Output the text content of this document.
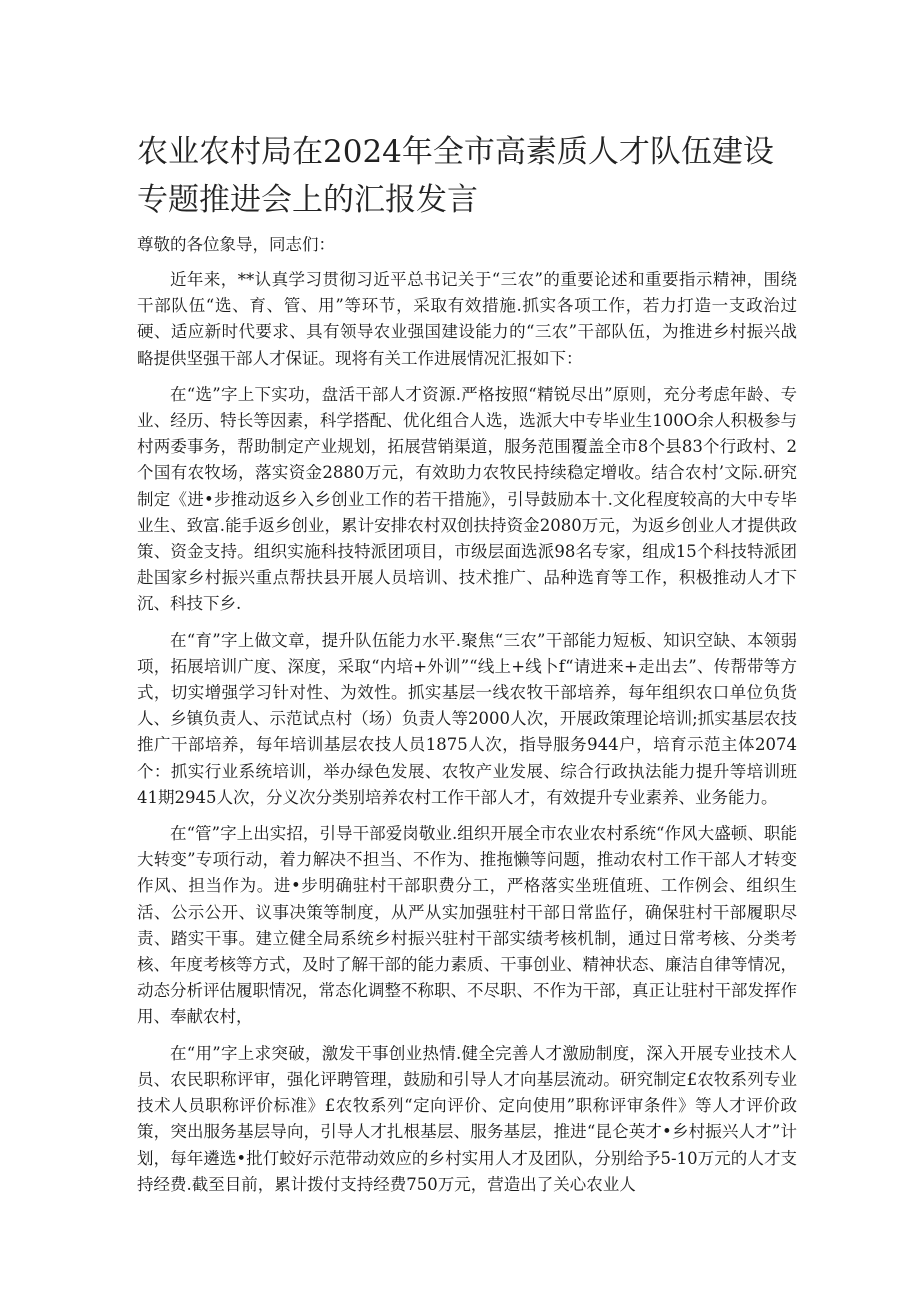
农业农村局在2024年全市高素质人才队伍建设专题推进会上的汇报发言

尊敬的各位象导，同志们：

近年来，**认真学习贯彻习近平总书记关于“三农”的重要论述和重要指示精神，围绕干部队伍“选、育、管、用”等环节，采取有效措施.抓实各项工作，若力打造一支政治过硬、适应新时代要求、具有领导农业强国建设能力的“三农”干部队伍，为推进乡村振兴战略提供坚强干部人才保证。现将有关工作进展情况汇报如下：

在“选”字上下实功，盘活干部人才资源.严格按照“精锐尽出”原则，充分考虑年龄、专业、经历、特长等因素，科学搭配、优化组合人选，选派大中专毕业生100O余人积极参与村两委事务，帮助制定产业规划，拓展营销渠道，服务范围覆盖全市8个县83个行政村、2个国有农牧场，落实资金2880万元，有效助力农牧民持续稳定增收。结合农村’文际.研究制定《进•步推动返乡入乡创业工作的若干措施》，引导鼓励本十.文化程度较高的大中专毕业生、致富.能手返乡创业，累计安排农村双创扶持资金2080万元，为返乡创业人才提供政策、资金支持。组织实施科技特派团项目，市级层面选派98名专家，组成15个科技特派团赴国家乡村振兴重点帮扶县开展人员培训、技术推广、品种选育等工作，积极推动人才下沉、科技下乡.

在“育”字上做文章，提升队伍能力水平.聚焦“三农”干部能力短板、知识空缺、本领弱项，拓展培训广度、深度，采取“内培+外训”“线上+线卜f“请进来+走出去”、传帮带等方式，切实增强学习针对性、为效性。抓实基层一线农牧干部培养，每年组织农口单位负货人、乡镇负责人、示范试点村（场）负责人等2000人次，开展政策理论培训;抓实基层农技推广干部培养，每年培训基层农技人员1875人次，指导服务944户，培育示范主体2074个：抓实行业系统培训，举办绿色发展、农牧产业发展、综合行政执法能力提升等培训班41期2945人次，分义次分类别培养农村工作干部人才，有效提升专业素养、业务能力。

在“管”字上出实招，引导干部爱岗敬业.组织开展全市农业农村系统“作风大盛顿、职能大转变”专项行动，着力解决不担当、不作为、推拖懒等问题，推动农村工作干部人才转变作风、担当作为。进•步明确驻村干部职费分工，严格落实坐班值班、工作例会、组织生活、公示公开、议事决策等制度，从严从实加强驻村干部日常监仔，确保驻村干部履职尽责、踏实干事。建立健全局系统乡村振兴驻村干部实绩考核机制，通过日常考核、分类考核、年度考核等方式，及时了解干部的能力素质、干事创业、精神状态、廉洁自律等情况，动态分析评估履职情况，常态化调整不称职、不尽职、不作为干部，真正让驻村干部发挥作用、奉献农村，

在“用”字上求突破，激发干事创业热情.健全完善人才激励制度，深入开展专业技术人员、农民职称评审，强化评聘管理，鼓励和引导人才向基层流动。研究制定£农牧系列专业技术人员职称评价标准》£农牧系列“定向评价、定向使用”职称评审条件》等人才评价政策，突出服务基层导向，引导人才扎根基层、服务基层，推进“昆仑英才•乡村振兴人才”计划，每年遴选•批仃蛟好示范带动效应的乡村实用人才及团队，分别给予5-10万元的人才支持经费.截至目前，累计拨付支持经费750万元，营造出了关心农业人
